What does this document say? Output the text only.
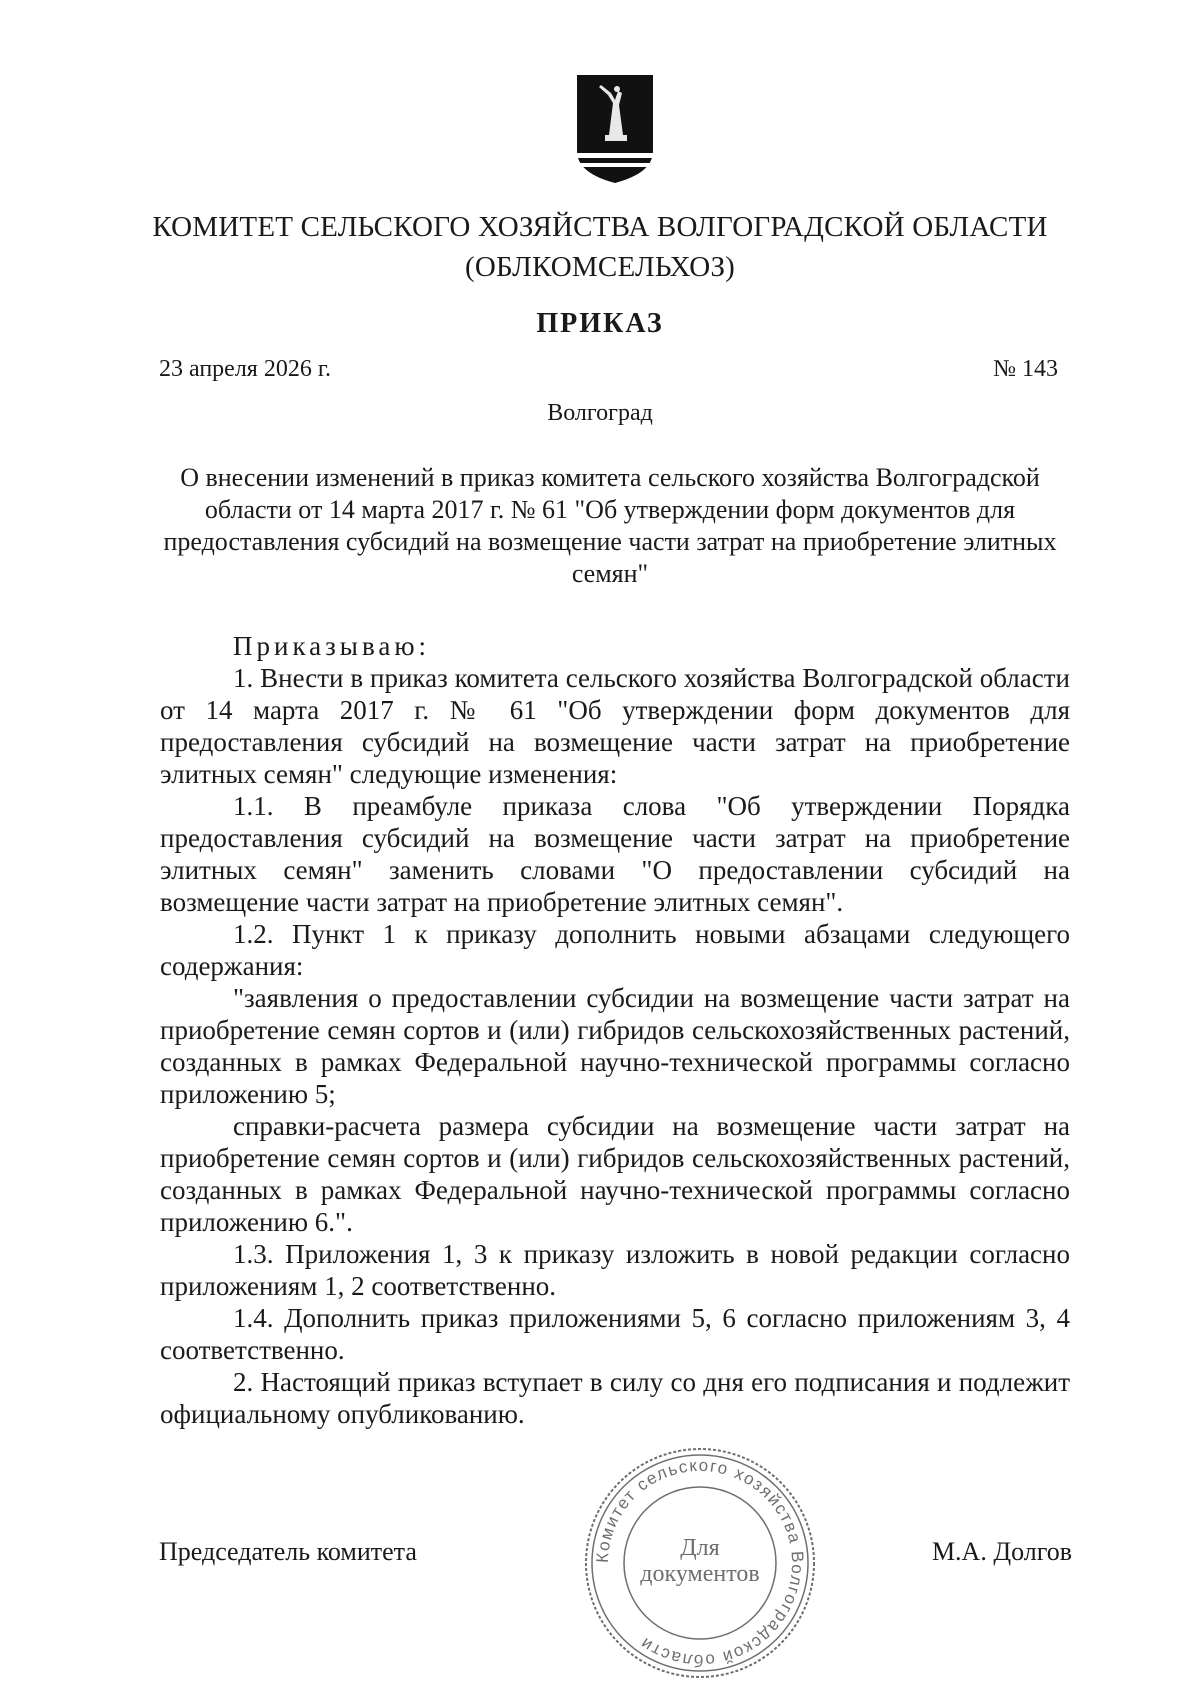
КОМИТЕТ СЕЛЬСКОГО ХОЗЯЙСТВА ВОЛГОГРАДСКОЙ ОБЛАСТИ
(ОБЛКОМСЕЛЬХОЗ)
ПРИКАЗ
23 апреля 2026 г.	№ 143
Волгоград
О внесении изменений в приказ комитета сельского хозяйства Волгоградской области от 14 марта 2017 г. № 61 "Об утверждении форм документов для предоставления субсидий на возмещение части затрат на приобретение элитных семян"

Приказываю:

1. Внести в приказ комитета сельского хозяйства Волгоградской области от 14 марта 2017 г. № 61 "Об утверждении форм документов для предоставления субсидий на возмещение части затрат на приобретение элитных семян" следующие изменения:

1.1. В преамбуле приказа слова "Об утверждении Порядка предоставления субсидий на возмещение части затрат на приобретение элитных семян" заменить словами "О предоставлении субсидий на возмещение части затрат на приобретение элитных семян".

1.2. Пункт 1 к приказу дополнить новыми абзацами следующего содержания:

"заявления о предоставлении субсидии на возмещение части затрат на приобретение семян сортов и (или) гибридов сельскохозяйственных растений, созданных в рамках Федеральной научно-технической программы согласно приложению 5;

справки-расчета размера субсидии на возмещение части затрат на приобретение семян сортов и (или) гибридов сельскохозяйственных растений, созданных в рамках Федеральной научно-технической программы согласно приложению 6.".

1.3. Приложения 1, 3 к приказу изложить в новой редакции согласно приложениям 1, 2 соответственно.

1.4. Дополнить приказ приложениями 5, 6 согласно приложениям 3, 4 соответственно.

2. Настоящий приказ вступает в силу со дня его подписания и подлежит официальному опубликованию.

Председатель комитета	М.А. Долгов
Комитет сельского хозяйства Волгоградской области
Для
документов
